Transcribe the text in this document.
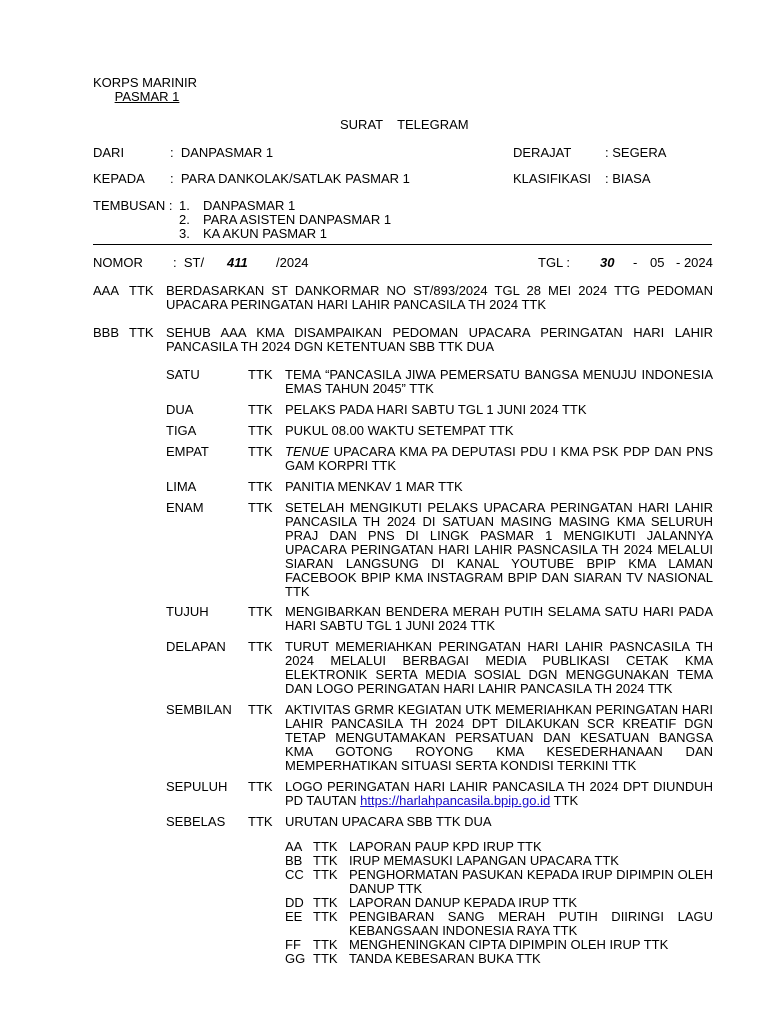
KORPS MARINIR
PASMAR 1
SURAT    TELEGRAM
DARI	:  DANPASMAR 1	DERAJAT	: SEGERA
KEPADA :  PARA DANKOLAK/SATLAK PASMAR 1	KLASIFIKASI : BIASA
TEMBUSAN : 1. DANPASMAR 1
2. PARA ASISTEN DANPASMAR 1
3. KA AKUN PASMAR 1
NOMOR :  ST/ 411 /2024	TGL : 30 - 05 - 2024
AAA TTK BERDASARKAN ST DANKORMAR NO ST/893/2024 TGL 28 MEI 2024 TTG PEDOMAN UPACARA PERINGATAN HARI LAHIR PANCASILA TH 2024 TTK
BBB TTK SEHUB AAA KMA DISAMPAIKAN PEDOMAN UPACARA PERINGATAN HARI LAHIR PANCASILA TH 2024 DGN KETENTUAN SBB TTK DUA
SATU	TTK TEMA “PANCASILA JIWA PEMERSATU BANGSA MENUJU INDONESIA EMAS TAHUN 2045” TTK
DUA	TTK PELAKS PADA HARI SABTU TGL 1 JUNI 2024 TTK
TIGA	TTK PUKUL 08.00 WAKTU SETEMPAT TTK
EMPAT	TTK TENUE UPACARA KMA PA DEPUTASI PDU I KMA PSK PDP DAN PNS GAM KORPRI TTK
LIMA	TTK PANITIA MENKAV 1 MAR TTK
ENAM	TTK SETELAH MENGIKUTI PELAKS UPACARA PERINGATAN HARI LAHIR PANCASILA TH 2024 DI SATUAN MASING MASING KMA SELURUH PRAJ DAN PNS DI LINGK PASMAR 1 MENGIKUTI JALANNYA UPACARA PERINGATAN HARI LAHIR PASNCASILA TH 2024 MELALUI SIARAN LANGSUNG DI KANAL YOUTUBE BPIP KMA LAMAN FACEBOOK BPIP KMA INSTAGRAM BPIP DAN SIARAN TV NASIONAL TTK
TUJUH	TTK MENGIBARKAN BENDERA MERAH PUTIH SELAMA SATU HARI PADA HARI SABTU TGL 1 JUNI 2024 TTK
DELAPAN TTK TURUT MEMERIAHKAN PERINGATAN HARI LAHIR PASNCASILA TH 2024 MELALUI BERBAGAI MEDIA PUBLIKASI CETAK KMA ELEKTRONIK SERTA MEDIA SOSIAL DGN MENGGUNAKAN TEMA DAN LOGO PERINGATAN HARI LAHIR PANCASILA TH 2024 TTK
SEMBILAN TTK AKTIVITAS GRMR KEGIATAN UTK MEMERIAHKAN PERINGATAN HARI LAHIR PANCASILA TH 2024 DPT DILAKUKAN SCR KREATIF DGN TETAP MENGUTAMAKAN PERSATUAN DAN KESATUAN BANGSA KMA GOTONG ROYONG KMA KESEDERHANAAN DAN MEMPERHATIKAN SITUASI SERTA KONDISI TERKINI TTK
SEPULUH TTK LOGO PERINGATAN HARI LAHIR PANCASILA TH 2024 DPT DIUNDUH PD TAUTAN https://harlahpancasila.bpip.go.id TTK
SEBELAS TTK URUTAN UPACARA SBB TTK DUA
AA TTK LAPORAN PAUP KPD IRUP TTK
BB TTK IRUP MEMASUKI LAPANGAN UPACARA TTK
CC TTK PENGHORMATAN PASUKAN KEPADA IRUP DIPIMPIN OLEH DANUP TTK
DD TTK LAPORAN DANUP KEPADA IRUP TTK
EE TTK PENGIBARAN SANG MERAH PUTIH DIIRINGI LAGU KEBANGSAAN INDONESIA RAYA TTK
FF TTK MENGHENINGKAN CIPTA DIPIMPIN OLEH IRUP TTK
GG TTK TANDA KEBESARAN BUKA TTK
